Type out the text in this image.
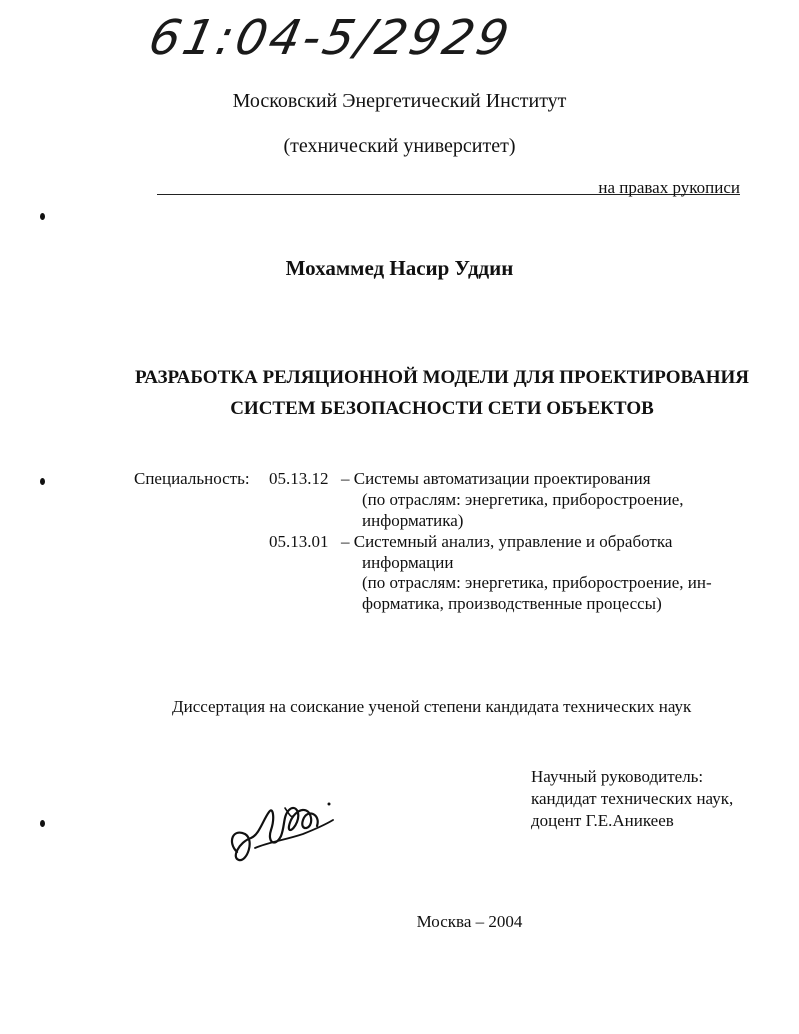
61:04-5/2929
Московский Энергетический Институт
(технический университет)
на правах рукописи
Мохаммед Насир Уддин
РАЗРАБОТКА РЕЛЯЦИОННОЙ МОДЕЛИ ДЛЯ ПРОЕКТИРОВАНИЯ
СИСТЕМ БЕЗОПАСНОСТИ СЕТИ ОБЪЕКТОВ
Специальность: 05.13.12 – Системы автоматизации проектирования
(по отраслям: энергетика, приборостроение,
информатика)
05.13.01 – Системный анализ, управление и обработка
информации
(по отраслям: энергетика, приборостроение, ин-
форматика, производственные процессы)
Диссертация на соискание ученой степени кандидата технических наук
Научный руководитель:
кандидат технических наук,
доцент Г.Е.Аникеев
Москва – 2004
